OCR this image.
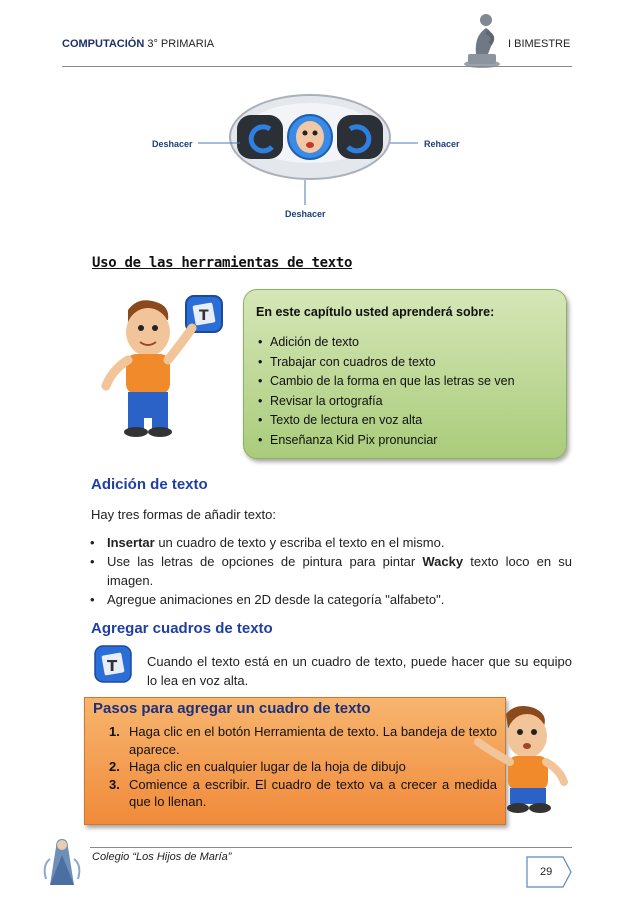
COMPUTACIÓN 3° PRIMARIA	I BIMESTRE
Deshacer	Rehacer
Deshacer
Uso de las herramientas de texto
T	En este capítulo usted aprenderá sobre:
• Adición de texto
• Trabajar con cuadros de texto
• Cambio de la forma en que las letras se ven
• Revisar la ortografía
• Texto de lectura en voz alta
• Enseñanza Kid Pix pronunciar
Adición de texto
Hay tres formas de añadir texto:
• Insertar un cuadro de texto y escriba el texto en el mismo.
• Use las letras de opciones de pintura para pintar Wacky texto loco en su imagen.
• Agregue animaciones en 2D desde la categoría "alfabeto".
Agregar cuadros de texto
T Cuando el texto está en un cuadro de texto, puede hacer que su equipo lo lea en voz alta.
Pasos para agregar un cuadro de texto
1. Haga clic en el botón Herramienta de texto. La bandeja de texto aparece.
2. Haga clic en cualquier lugar de la hoja de dibujo
3. Comience a escribir. El cuadro de texto va a crecer a medida que lo llenan.
Colegio “Los Hijos de María”
29
